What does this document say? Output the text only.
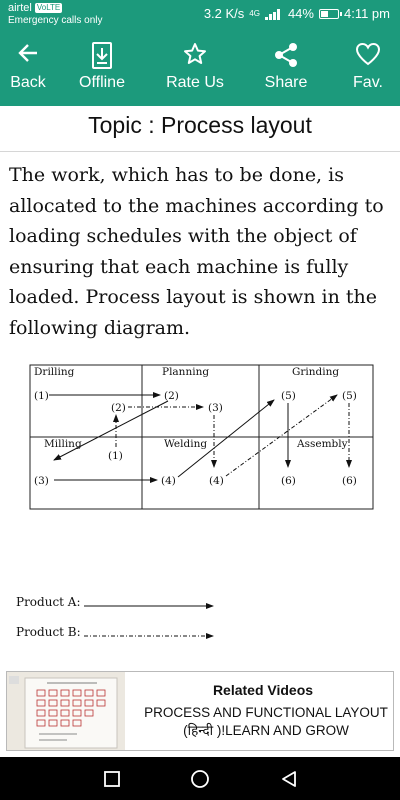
airtel VoLTE
Emergency calls only	3.2 K/s 4G 44% 4:11 pm
Back Offline	Rate Us	Share	Fav.
Topic : Process layout
The work, which has to be done, is allocated to the machines according to loading schedules with the object of ensuring that each machine is fully loaded. Process layout is shown in the following diagram.
Drilling	Planning	Grinding
Milling	Welding	Assembly
(1)
(2)
(2)
(3)
(5)	(5)
(1)
(3)	(4)	(4)	(6)	(6)
Product A:
Product B:
Related Videos
PROCESS AND FUNCTIONAL LAYOUT (हिन्दी )!LEARN AND GROW
